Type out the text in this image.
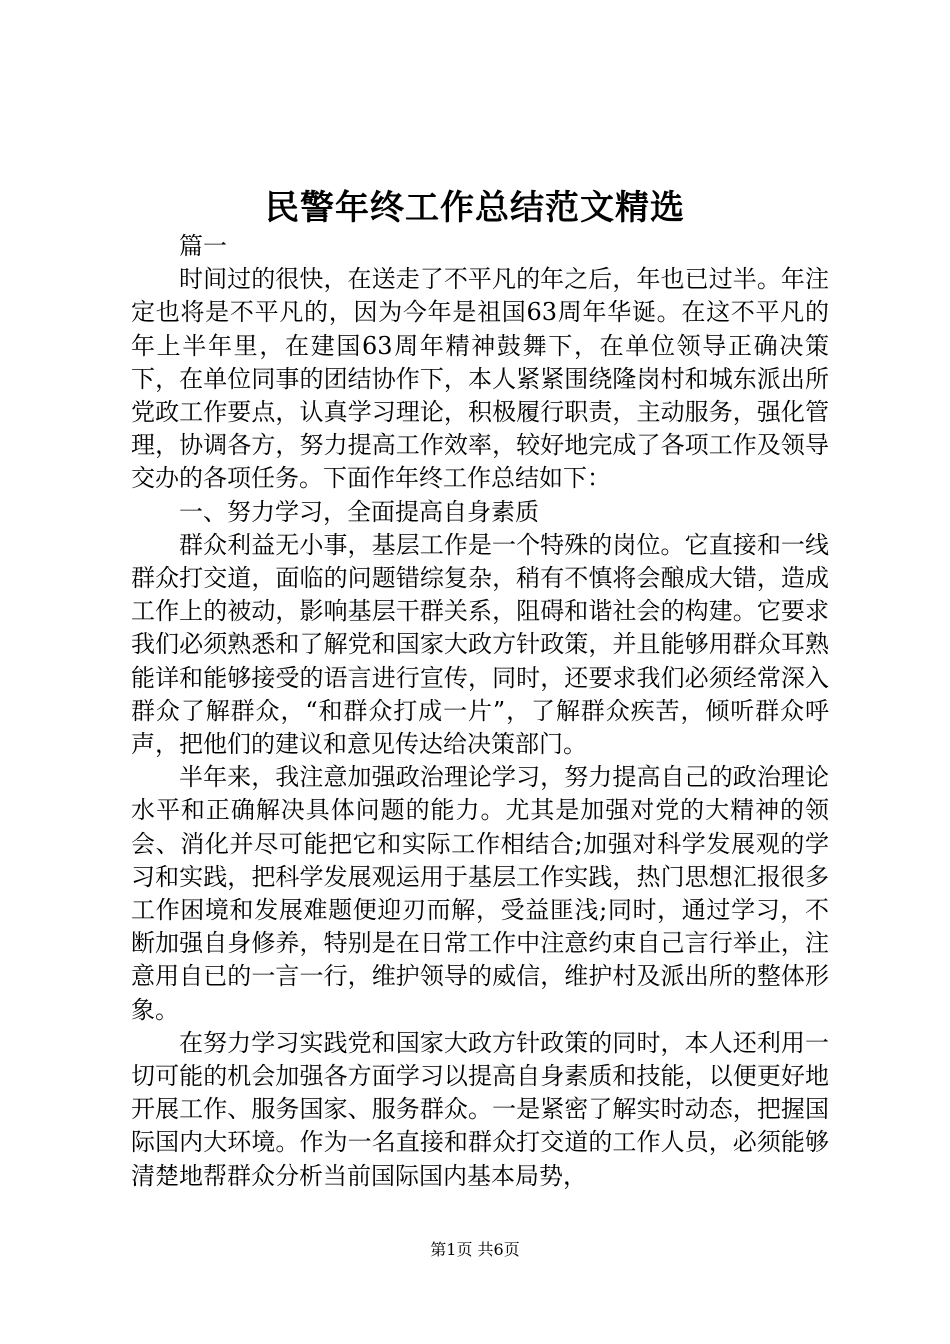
民警年终工作总结范文精选

篇一

时间过的很快，在送走了不平凡的年之后，年也已过半。年注定也将是不平凡的，因为今年是祖国63周年华诞。在这不平凡的年上半年里，在建国63周年精神鼓舞下，在单位领导正确决策下，在单位同事的团结协作下，本人紧紧围绕隆岗村和城东派出所党政工作要点，认真学习理论，积极履行职责，主动服务，强化管理，协调各方，努力提高工作效率，较好地完成了各项工作及领导交办的各项任务。下面作年终工作总结如下：

一、努力学习，全面提高自身素质

群众利益无小事，基层工作是一个特殊的岗位。它直接和一线群众打交道，面临的问题错综复杂，稍有不慎将会酿成大错，造成工作上的被动，影响基层干群关系，阻碍和谐社会的构建。它要求我们必须熟悉和了解党和国家大政方针政策，并且能够用群众耳熟能详和能够接受的语言进行宣传，同时，还要求我们必须经常深入群众了解群众，“和群众打成一片”，了解群众疾苦，倾听群众呼声，把他们的建议和意见传达给决策部门。

半年来，我注意加强政治理论学习，努力提高自己的政治理论水平和正确解决具体问题的能力。尤其是加强对党的大精神的领会、消化并尽可能把它和实际工作相结合;加强对科学发展观的学习和实践，把科学发展观运用于基层工作实践，热门思想汇报很多工作困境和发展难题便迎刃而解，受益匪浅;同时，通过学习，不断加强自身修养，特别是在日常工作中注意约束自己言行举止，注意用自已的一言一行，维护领导的威信，维护村及派出所的整体形象。

在努力学习实践党和国家大政方针政策的同时，本人还利用一切可能的机会加强各方面学习以提高自身素质和技能，以便更好地开展工作、服务国家、服务群众。一是紧密了解实时动态，把握国际国内大环境。作为一名直接和群众打交道的工作人员，必须能够清楚地帮群众分析当前国际国内基本局势，

第1页 共6页
